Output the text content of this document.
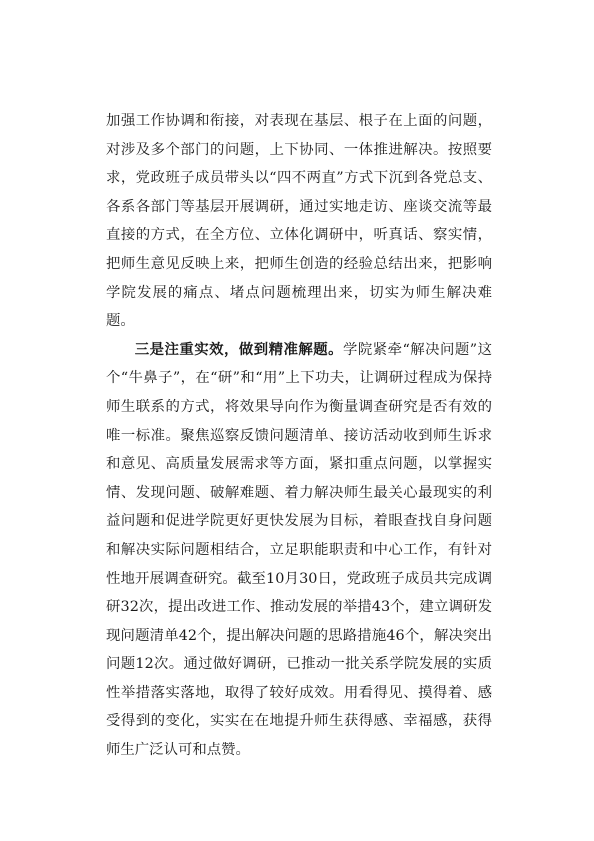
加强工作协调和衔接，对表现在基层、根子在上面的问题，对涉及多个部门的问题，上下协同、一体推进解决。按照要求，党政班子成员带头以“四不两直”方式下沉到各党总支、各系各部门等基层开展调研，通过实地走访、座谈交流等最直接的方式，在全方位、立体化调研中，听真话、察实情，把师生意见反映上来，把师生创造的经验总结出来，把影响学院发展的痛点、堵点问题梳理出来，切实为师生解决难题。

三是注重实效，做到精准解题。学院紧牵“解决问题”这个“牛鼻子”，在“研”和“用”上下功夫，让调研过程成为保持师生联系的方式，将效果导向作为衡量调查研究是否有效的唯一标准。聚焦巡察反馈问题清单、接访活动收到师生诉求和意见、高质量发展需求等方面，紧扣重点问题，以掌握实情、发现问题、破解难题、着力解决师生最关心最现实的利益问题和促进学院更好更快发展为目标，着眼查找自身问题和解决实际问题相结合，立足职能职责和中心工作，有针对性地开展调查研究。截至10月30日，党政班子成员共完成调研32次，提出改进工作、推动发展的举措43个，建立调研发现问题清单42个，提出解决问题的思路措施46个，解决突出问题12次。通过做好调研，已推动一批关系学院发展的实质性举措落实落地，取得了较好成效。用看得见、摸得着、感受得到的变化，实实在在地提升师生获得感、幸福感，获得师生广泛认可和点赞。
